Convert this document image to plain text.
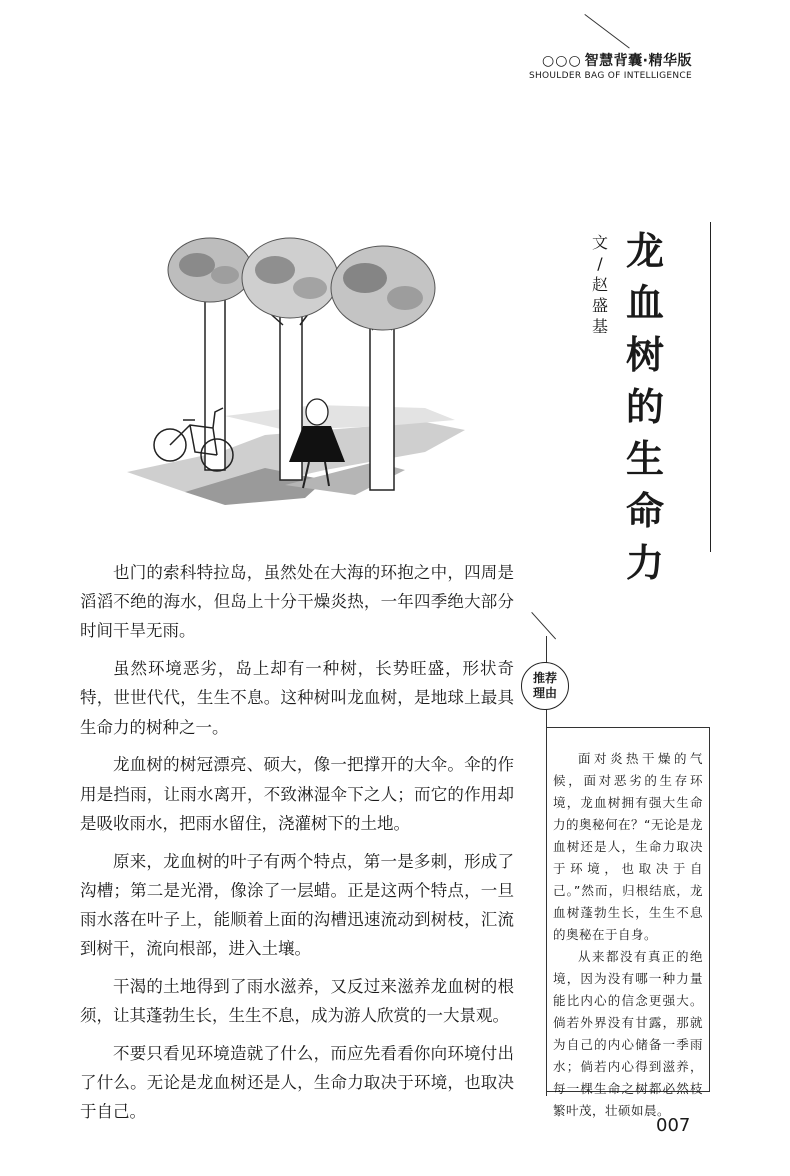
○○○ 智慧背囊·精华版
SHOULDER BAG OF INTELLIGENCE
龙
血
树
的
生
命
力
文
/
赵
盛
基

也门的索科特拉岛，虽然处在大海的环抱之中，四周是滔滔不绝的海水，但岛上十分干燥炎热，一年四季绝大部分时间干旱无雨。

虽然环境恶劣，岛上却有一种树，长势旺盛，形状奇特，世世代代，生生不息。这种树叫龙血树，是地球上最具生命力的树种之一。

龙血树的树冠漂亮、硕大，像一把撑开的大伞。伞的作用是挡雨，让雨水离开，不致淋湿伞下之人；而它的作用却是吸收雨水，把雨水留住，浇灌树下的土地。

原来，龙血树的叶子有两个特点，第一是多刺，形成了沟槽；第二是光滑，像涂了一层蜡。正是这两个特点，一旦雨水落在叶子上，能顺着上面的沟槽迅速流动到树枝，汇流到树干，流向根部，进入土壤。

干渴的土地得到了雨水滋养，又反过来滋养龙血树的根须，让其蓬勃生长，生生不息，成为游人欣赏的一大景观。

不要只看见环境造就了什么，而应先看看你向环境付出了什么。无论是龙血树还是人，生命力取决于环境，也取决于自己。

推荐
理由

面对炎热干燥的气候，面对恶劣的生存环境，龙血树拥有强大生命力的奥秘何在？“无论是龙血树还是人，生命力取决于环境，也取决于自己。”然而，归根结底，龙血树蓬勃生长，生生不息的奥秘在于自身。

从来都没有真正的绝境，因为没有哪一种力量能比内心的信念更强大。倘若外界没有甘露，那就为自己的内心储备一季雨水；倘若内心得到滋养，每一棵生命之树都必然枝繁叶茂，壮硕如晨。

007
